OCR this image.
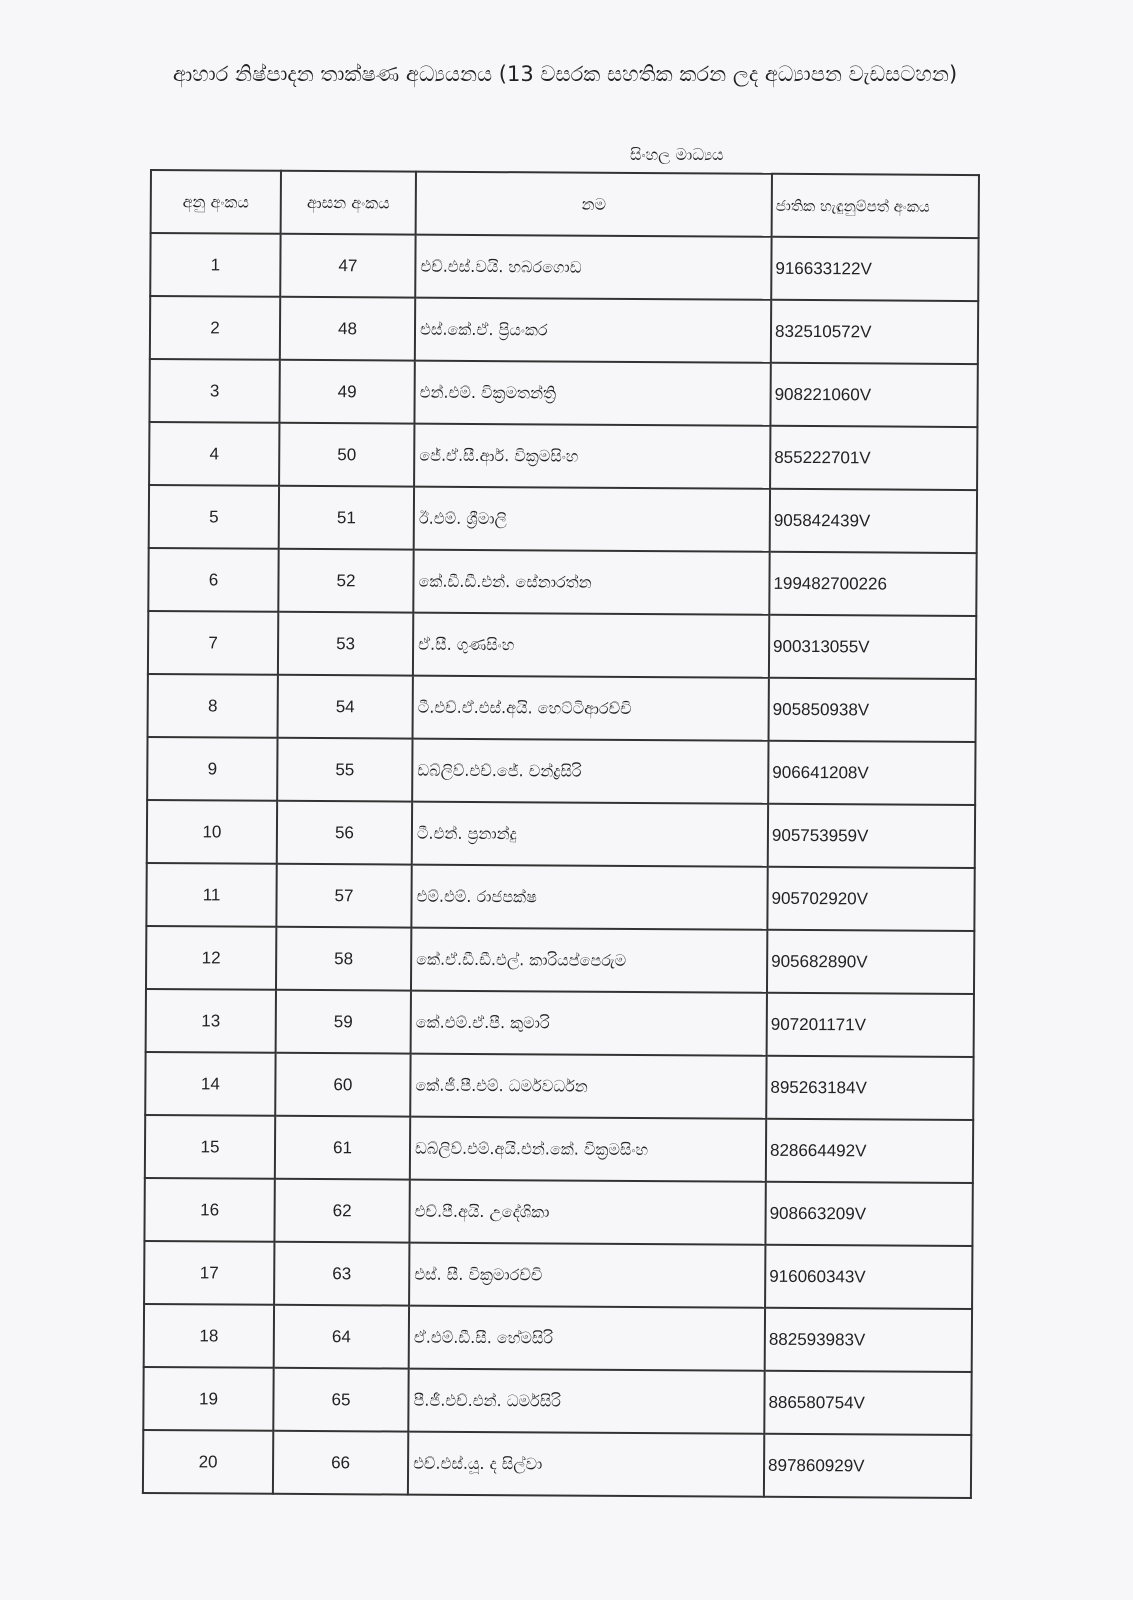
ආහාර නිෂ්පාදන තාක්ෂණ අධ්‍යයනය (13 වසරක සහතික කරන ලද අධ්‍යාපන වැඩසටහන)
සිංහල මාධ්‍යය
අනු අංකය	ආසන අංකය	නම	ජාතික හැඳුනුම්පත් අංකය
1	47	එච්.එස්.වයි. හබරගොඩ	916633122V
2	48	එස්.කේ.ඒ. ප්‍රියංකර	832510572V
3	49	එන්.එම්. වික්‍රමතන්ත්‍රි	908221060V
4	50	ජේ.ඒ.සී.ආර්. වික්‍රමසිංහ	855222701V
5	51	ඊ.එම්. ශ්‍රීමාලි	905842439V
6	52	කේ.ඩී.ඩී.එන්. සේනාරත්න	199482700226
7	53	ඒ.සී. ගුණසිංහ	900313055V
8	54	ටී.එච්.ඒ.එස්.අයි. හෙට්ටිආරච්චි	905850938V
9	55	ඩබ්ලිව්.එච්.ජේ. චන්ද්‍රසිරි	906641208V
10	56	ටී.එන්. ප්‍රනාන්දු	905753959V
11	57	එම්.එම්. රාජපක්ෂ	905702920V
12	58	කේ.ඒ.ඩී.ඩී.එල්. කාරියප්පෙරුම	905682890V
13	59	කේ.එම්.ඒ.පී. කුමාරි	907201171V
14	60	කේ.ජී.පී.එම්. ධර්මවර්ධන	895263184V
15	61	ඩබ්ලිව්.එම්.අයි.එන්.කේ. වික්‍රමසිංහ	828664492V
16	62	එච්.පී.අයි. උදේශිකා	908663209V
17	63	එස්. සී. වික්‍රමාරච්චි	916060343V
18	64	ඒ.එම්.ඩී.සී. හේමසිරි	882593983V
19	65	පී.ජී.එච්.එන්. ධර්මසිරි	886580754V
20	66	එච්.එස්.යූ. ද සිල්වා	897860929V
